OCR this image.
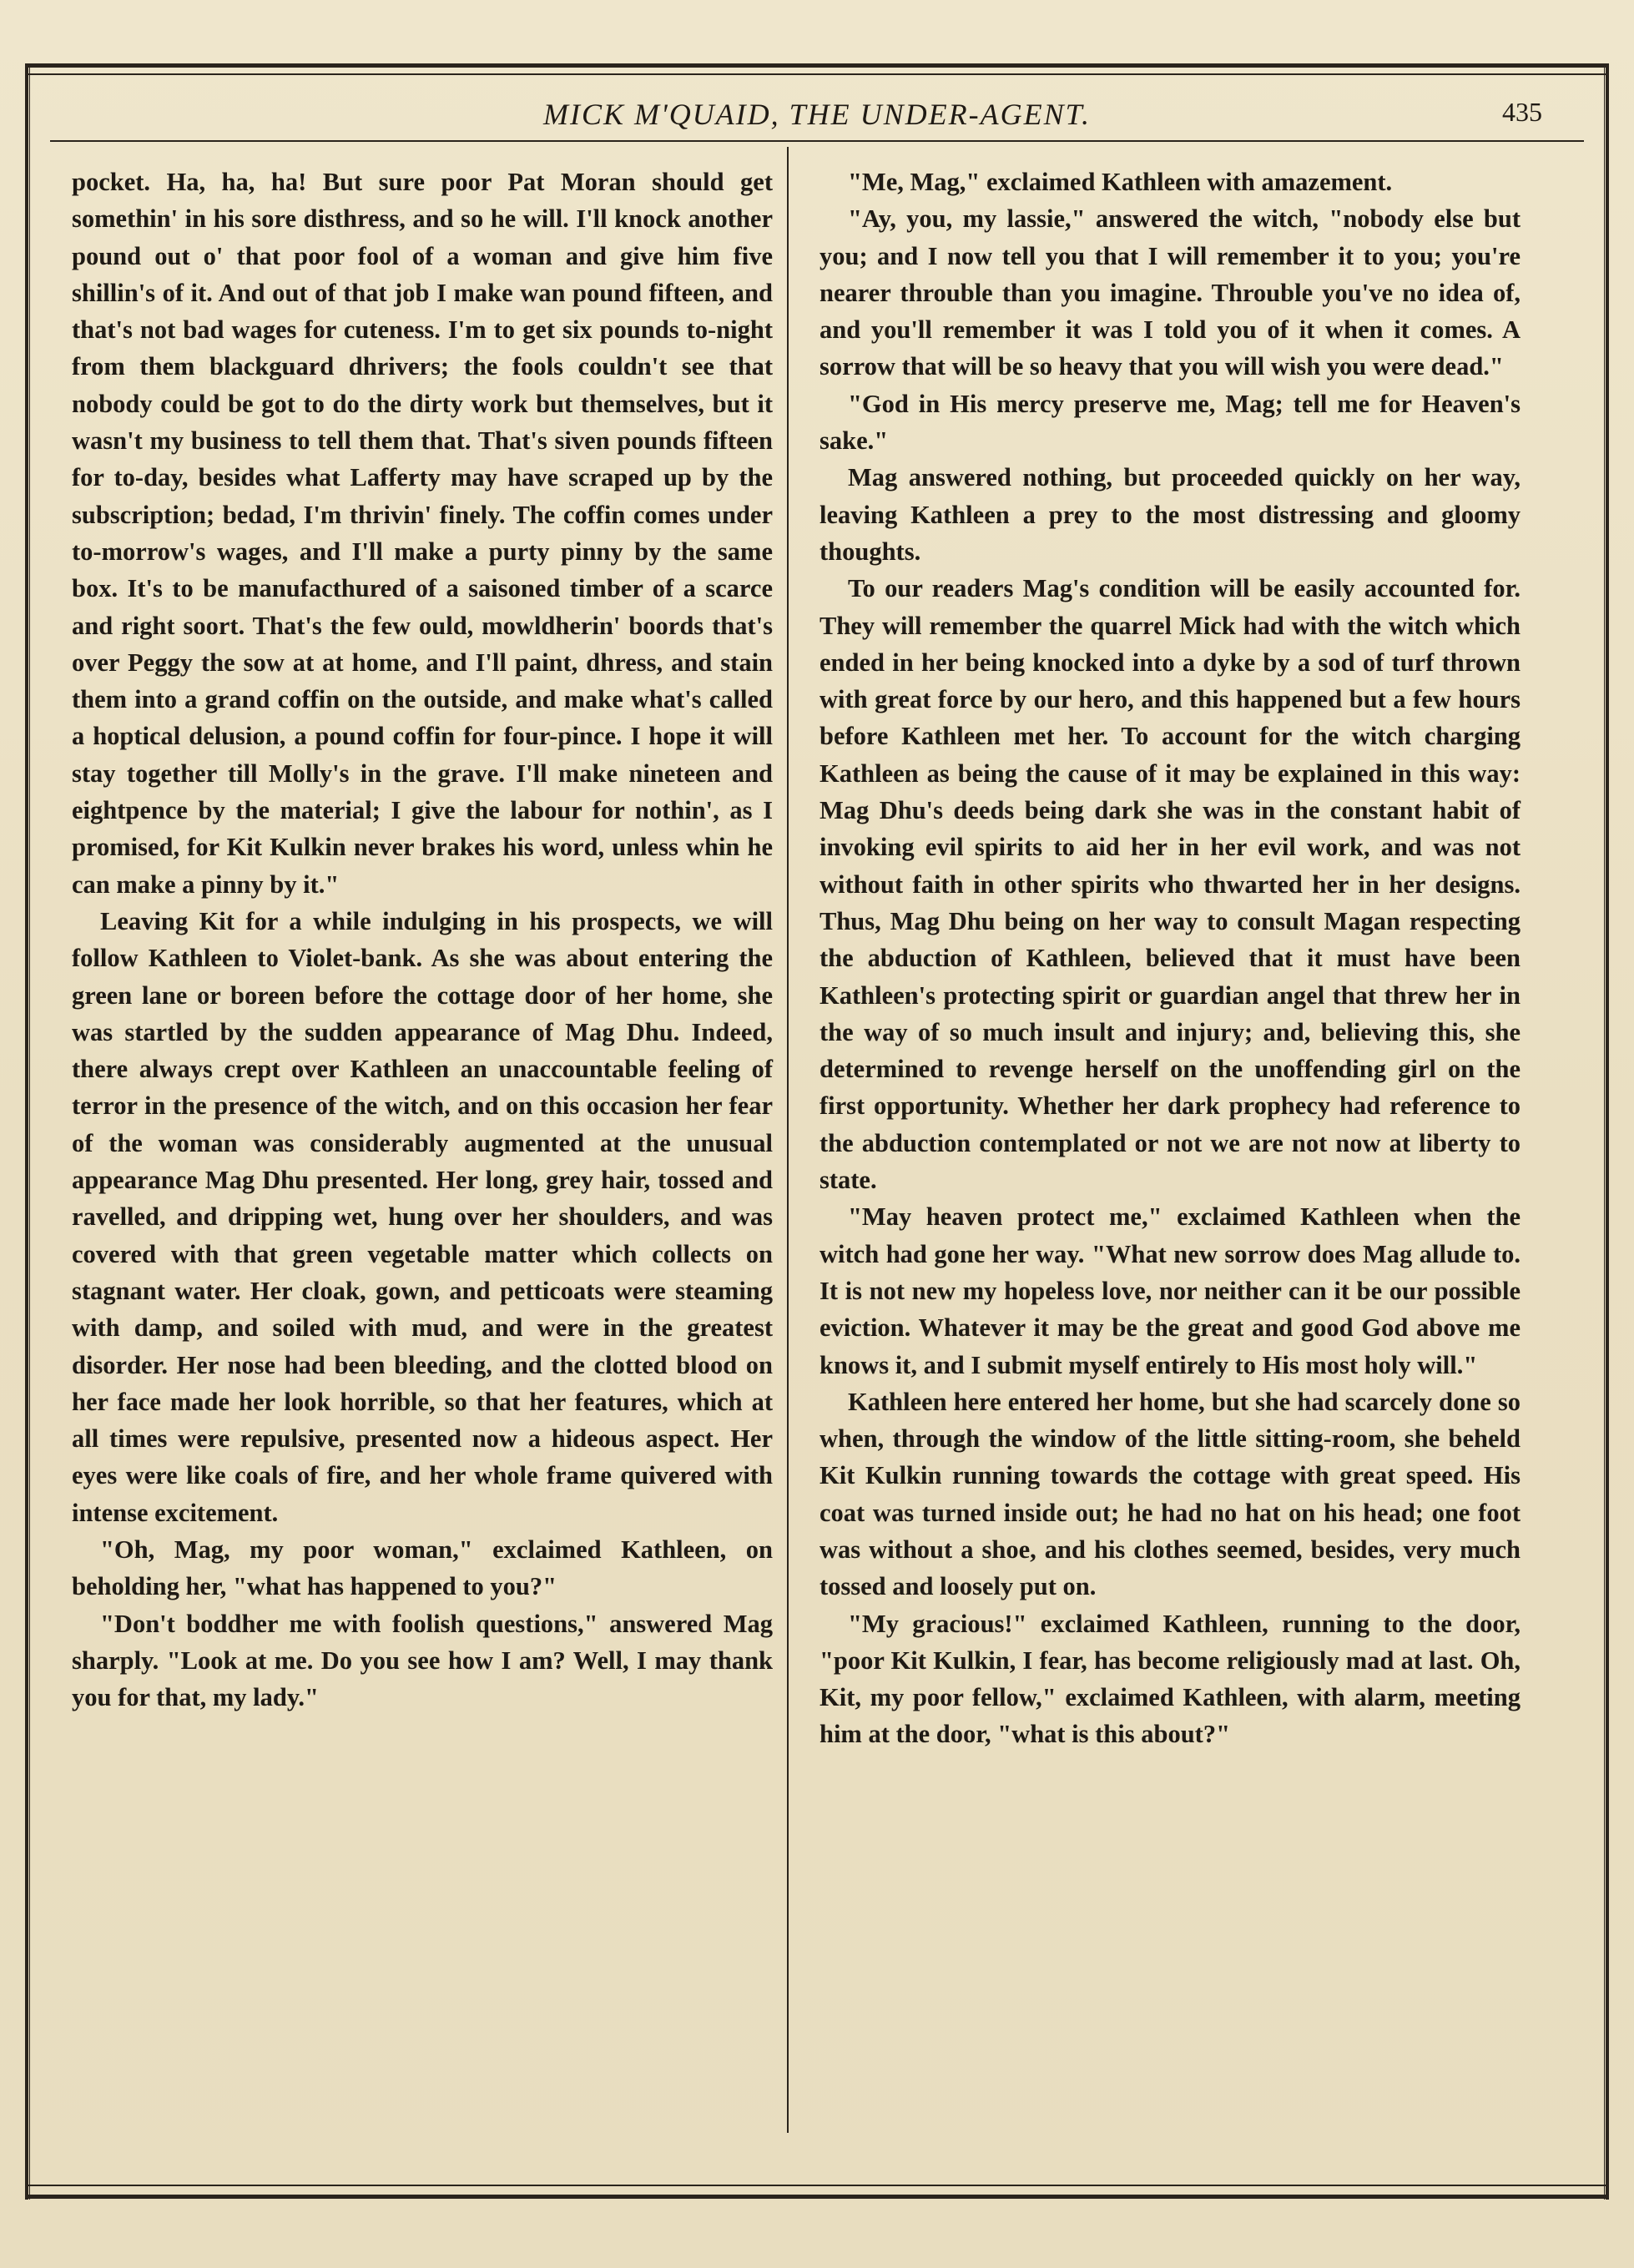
MICK M'QUAID, THE UNDER-AGENT.	435

pocket. Ha, ha, ha! But sure poor Pat Moran should get somethin' in his sore disthress, and so he will. I'll knock another pound out o' that poor fool of a woman and give him five shillin's of it. And out of that job I make wan pound fifteen, and that's not bad wages for cuteness. I'm to get six pounds to-night from them blackguard dhrivers; the fools couldn't see that nobody could be got to do the dirty work but themselves, but it wasn't my business to tell them that. That's siven pounds fifteen for to-day, besides what Lafferty may have scraped up by the subscription; bedad, I'm thrivin' finely. The coffin comes under to-morrow's wages, and I'll make a purty pinny by the same box. It's to be manufacthured of a saisoned timber of a scarce and right soort. That's the few ould, mowldherin' boords that's over Peggy the sow at at home, and I'll paint, dhress, and stain them into a grand coffin on the outside, and make what's called a hoptical delusion, a pound coffin for four-pince. I hope it will stay together till Molly's in the grave. I'll make nineteen and eightpence by the material; I give the labour for nothin', as I promised, for Kit Kulkin never brakes his word, unless whin he can make a pinny by it."

Leaving Kit for a while indulging in his prospects, we will follow Kathleen to Violet-bank. As she was about entering the green lane or boreen before the cottage door of her home, she was startled by the sudden appearance of Mag Dhu. Indeed, there always crept over Kathleen an unaccountable feeling of terror in the presence of the witch, and on this occasion her fear of the woman was considerably augmented at the unusual appearance Mag Dhu presented. Her long, grey hair, tossed and ravelled, and dripping wet, hung over her shoulders, and was covered with that green vegetable matter which collects on stagnant water. Her cloak, gown, and petticoats were steaming with damp, and soiled with mud, and were in the greatest disorder. Her nose had been bleeding, and the clotted blood on her face made her look horrible, so that her features, which at all times were repulsive, presented now a hideous aspect. Her eyes were like coals of fire, and her whole frame quivered with intense excitement.

"Oh, Mag, my poor woman," exclaimed Kathleen, on beholding her, "what has happened to you?"

"Don't boddher me with foolish questions," answered Mag sharply. "Look at me. Do you see how I am? Well, I may thank you for that, my lady."

"Me, Mag," exclaimed Kathleen with amazement.

"Ay, you, my lassie," answered the witch, "nobody else but you; and I now tell you that I will remember it to you; you're nearer throuble than you imagine. Throuble you've no idea of, and you'll remember it was I told you of it when it comes. A sorrow that will be so heavy that you will wish you were dead."

"God in His mercy preserve me, Mag; tell me for Heaven's sake."

Mag answered nothing, but proceeded quickly on her way, leaving Kathleen a prey to the most distressing and gloomy thoughts.

To our readers Mag's condition will be easily accounted for. They will remember the quarrel Mick had with the witch which ended in her being knocked into a dyke by a sod of turf thrown with great force by our hero, and this happened but a few hours before Kathleen met her. To account for the witch charging Kathleen as being the cause of it may be explained in this way: Mag Dhu's deeds being dark she was in the constant habit of invoking evil spirits to aid her in her evil work, and was not without faith in other spirits who thwarted her in her designs. Thus, Mag Dhu being on her way to consult Magan respecting the abduction of Kathleen, believed that it must have been Kathleen's protecting spirit or guardian angel that threw her in the way of so much insult and injury; and, believing this, she determined to revenge herself on the unoffending girl on the first opportunity. Whether her dark prophecy had reference to the abduction contemplated or not we are not now at liberty to state.

"May heaven protect me," exclaimed Kathleen when the witch had gone her way. "What new sorrow does Mag allude to. It is not new my hopeless love, nor neither can it be our possible eviction. Whatever it may be the great and good God above me knows it, and I submit myself entirely to His most holy will."

Kathleen here entered her home, but she had scarcely done so when, through the window of the little sitting-room, she beheld Kit Kulkin running towards the cottage with great speed. His coat was turned inside out; he had no hat on his head; one foot was without a shoe, and his clothes seemed, besides, very much tossed and loosely put on.

"My gracious!" exclaimed Kathleen, running to the door, "poor Kit Kulkin, I fear, has become religiously mad at last. Oh, Kit, my poor fellow," exclaimed Kathleen, with alarm, meeting him at the door, "what is this about?"
